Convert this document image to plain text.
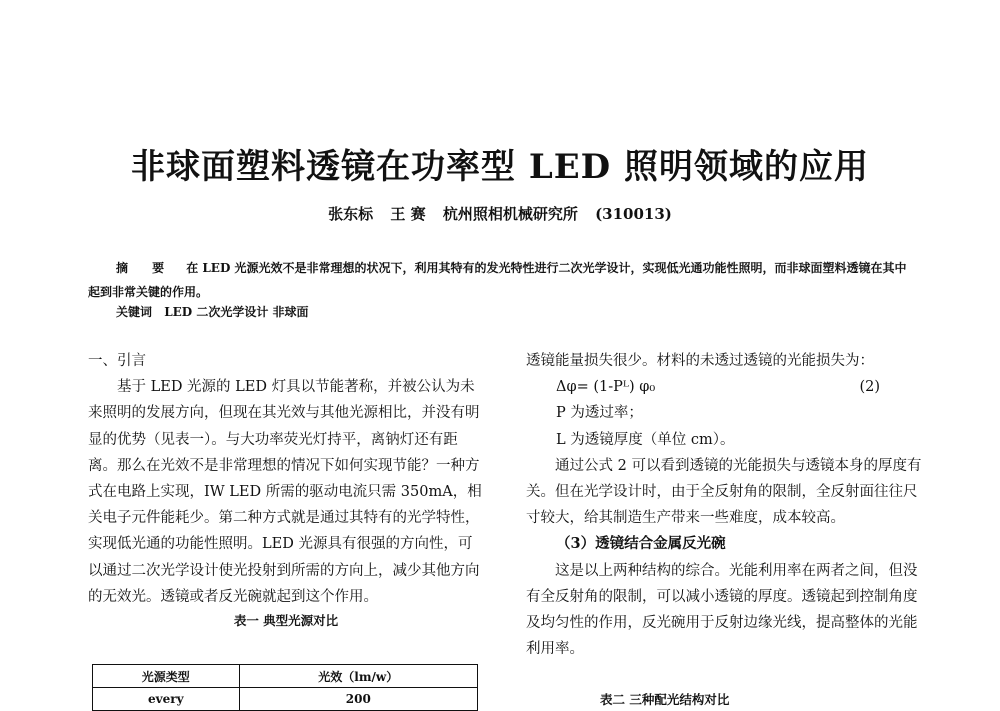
非球面塑料透镜在功率型 LED 照明领域的应用
张东标 王 赛 杭州照相机械研究所 (310013)
摘 要 在 LED 光源光效不是非常理想的状况下，利用其特有的发光特性进行二次光学设计，实现低光通功能性照明，而非球面塑料透镜在其中起到非常关键的作用。
关键词 LED 二次光学设计 非球面

一、引言

基于 LED 光源的 LED 灯具以节能著称，并被公认为未来照明的发展方向，但现在其光效与其他光源相比，并没有明显的优势（见表一）。与大功率荧光灯持平，离钠灯还有距离。那么在光效不是非常理想的情况下如何实现节能？一种方式在电路上实现，IW LED 所需的驱动电流只需 350mA，相关电子元件能耗少。第二种方式就是通过其特有的光学特性，实现低光通的功能性照明。LED 光源具有很强的方向性，可以通过二次光学设计使光投射到所需的方向上，减少其他方向的无效光。透镜或者反光碗就起到这个作用。

表一 典型光源对比

光源类型	光效（lm/w）
every	200

透镜能量损失很少。材料的未透过透镜的光能损失为：

Δφ= (1-Pᴸ) φ₀	(2)

P 为透过率；

L 为透镜厚度（单位 cm）。

通过公式 2 可以看到透镜的光能损失与透镜本身的厚度有关。但在光学设计时，由于全反射角的限制，全反射面往往尺寸较大，给其制造生产带来一些难度，成本较高。

（3）透镜结合金属反光碗

这是以上两种结构的综合。光能利用率在两者之间，但没有全反射角的限制，可以减小透镜的厚度。透镜起到控制角度及均匀性的作用，反光碗用于反射边缘光线，提高整体的光能利用率。

表二 三种配光结构对比
